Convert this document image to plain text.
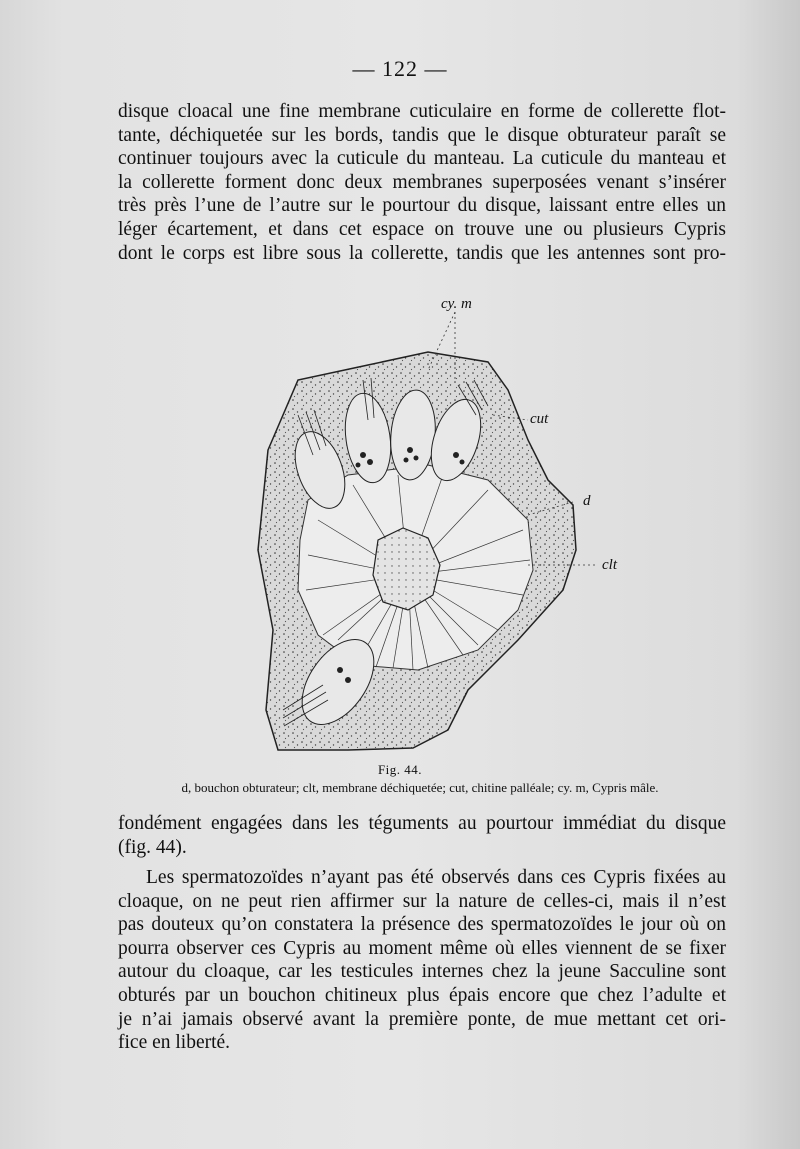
— 122 —
disque cloacal une fine membrane cuticulaire en forme de collerette flot-
tante, déchiquetée sur les bords, tandis que le disque obturateur paraît se
continuer toujours avec la cuticule du manteau. La cuticule du manteau et
la collerette forment donc deux membranes superposées venant s’insérer
très près l’une de l’autre sur le pourtour du disque, laissant entre elles un
léger écartement, et dans cet espace on trouve une ou plusieurs Cypris
dont le corps est libre sous la collerette, tandis que les antennes sont pro-
cy. m
cut
d
clt
Fig. 44.
d, bouchon obturateur; clt, membrane déchiquetée; cut, chitine palléale; cy. m, Cypris mâle.
fondément engagées dans les téguments au pourtour immédiat du disque
(fig. 44).
Les spermatozoïdes n’ayant pas été observés dans ces Cypris fixées au
cloaque, on ne peut rien affirmer sur la nature de celles-ci, mais il n’est
pas douteux qu’on constatera la présence des spermatozoïdes le jour où on
pourra observer ces Cypris au moment même où elles viennent de se fixer
autour du cloaque, car les testicules internes chez la jeune Sacculine sont
obturés par un bouchon chitineux plus épais encore que chez l’adulte et
je n’ai jamais observé avant la première ponte, de mue mettant cet ori-
fice en liberté.
